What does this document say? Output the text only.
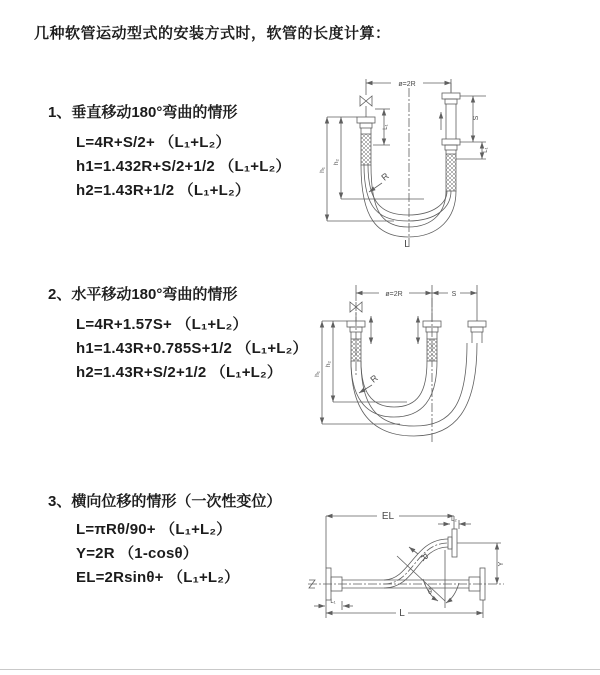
几种软管运动型式的安装方式时，软管的长度计算：
1、垂直移动180°弯曲的情形
L=4R+S/2+ （L₁+L₂）
h1=1.432R+S/2+1/2 （L₁+L₂）
h2=1.43R+1/2 （L₁+L₂）
2、水平移动180°弯曲的情形
L=4R+1.57S+ （L₁+L₂）
h1=1.43R+0.785S+1/2 （L₁+L₂）
h2=1.43R+S/2+1/2 （L₁+L₂）
3、横向位移的情形（一次性变位）
L=πRθ/90+ （L₁+L₂）
Y=2R （1-cosθ）
EL=2Rsinθ+ （L₁+L₂）
ø=2R
L₁
S
L₁
h₁
h₂
R
L
ø=2R	S
h₁
h₂
R
EL	L₂
Y
θ
R
L
L₁
